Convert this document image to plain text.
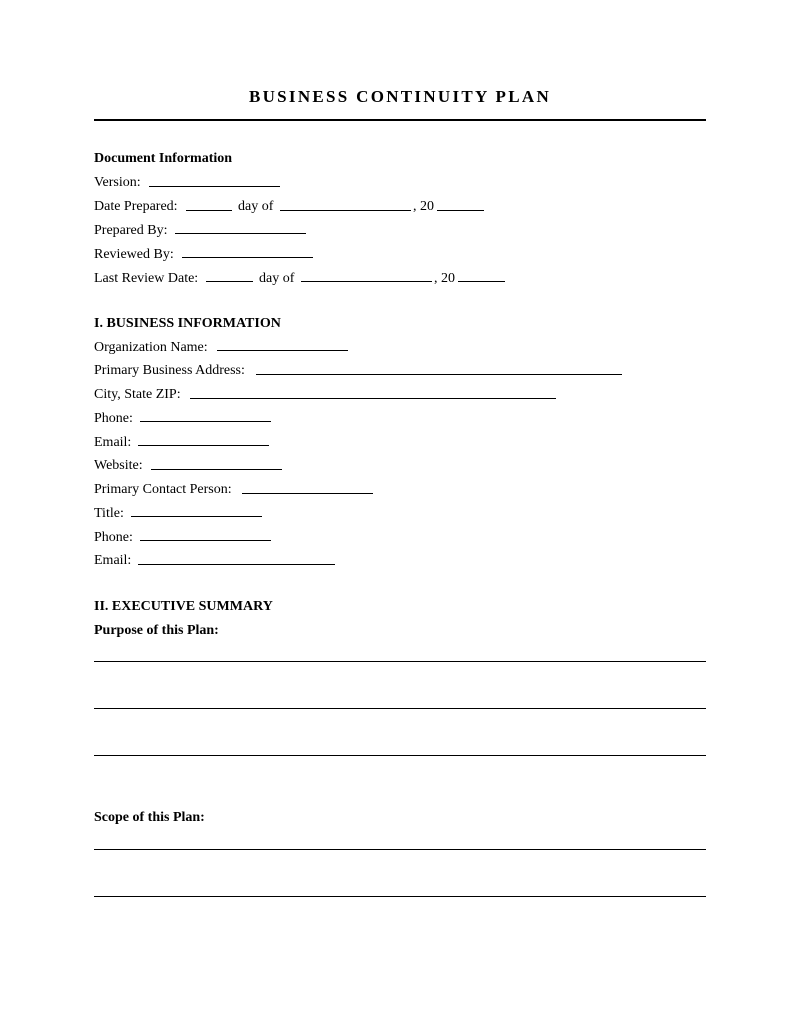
BUSINESS CONTINUITY PLAN
Document Information
Version:
Date Prepared:	day of	, 20
Prepared By:
Reviewed By:
Last Review Date:	day of	, 20
I. BUSINESS INFORMATION
Organization Name:
Primary Business Address:
City, State ZIP:
Phone:
Email:
Website:
Primary Contact Person:
Title:
Phone:
Email:
II. EXECUTIVE SUMMARY
Purpose of this Plan:
Scope of this Plan:
